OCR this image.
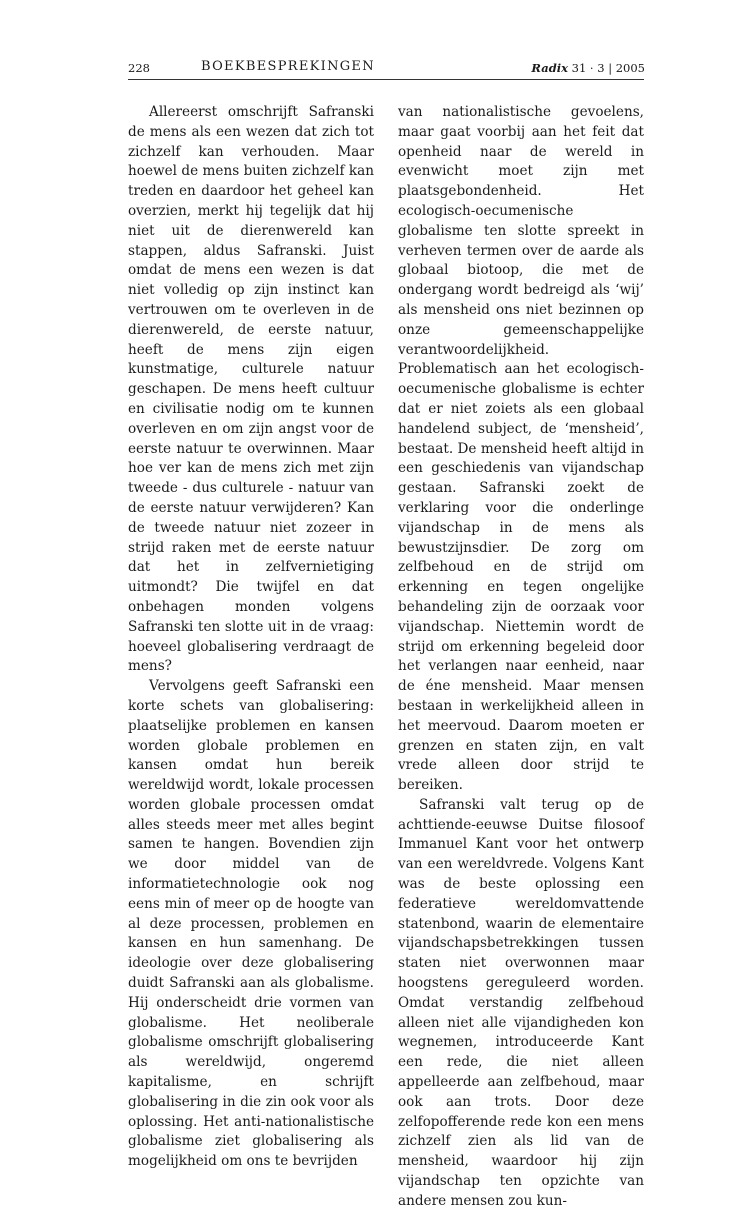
228	BOEKBESPREKINGEN	Radix 31 · 3 | 2005

Allereerst omschrijft Safranski de mens als een wezen dat zich tot zichzelf kan verhouden. Maar hoewel de mens buiten zichzelf kan treden en daardoor het geheel kan overzien, merkt hij tegelijk dat hij niet uit de dierenwereld kan stappen, aldus Safranski. Juist omdat de mens een wezen is dat niet volledig op zijn instinct kan vertrouwen om te overleven in de dierenwereld, de eerste natuur, heeft de mens zijn eigen kunstmatige, culturele natuur geschapen. De mens heeft cultuur en civilisatie nodig om te kunnen overleven en om zijn angst voor de eerste natuur te overwinnen. Maar hoe ver kan de mens zich met zijn tweede - dus culturele - natuur van de eerste natuur verwijderen? Kan de tweede natuur niet zozeer in strijd raken met de eerste natuur dat het in zelfvernietiging uitmondt? Die twijfel en dat onbehagen monden volgens Safranski ten slotte uit in de vraag: hoeveel globalisering verdraagt de mens?

Vervolgens geeft Safranski een korte schets van globalisering: plaatselijke problemen en kansen worden globale problemen en kansen omdat hun bereik wereldwijd wordt, lokale processen worden globale processen omdat alles steeds meer met alles begint samen te hangen. Bovendien zijn we door middel van de informatietechnologie ook nog eens min of meer op de hoogte van al deze processen, problemen en kansen en hun samenhang. De ideologie over deze globalisering duidt Safranski aan als globalisme. Hij onderscheidt drie vormen van globalisme. Het neoliberale globalisme omschrijft globalisering als wereldwijd, ongeremd kapitalisme, en schrijft globalisering in die zin ook voor als oplossing. Het anti-nationalistische globalisme ziet globalisering als mogelijkheid om ons te bevrijden

van nationalistische gevoelens, maar gaat voorbij aan het feit dat openheid naar de wereld in evenwicht moet zijn met plaatsgebondenheid. Het ecologisch-oecumenische globalisme ten slotte spreekt in verheven termen over de aarde als globaal biotoop, die met de ondergang wordt bedreigd als ‘wij’ als mensheid ons niet bezinnen op onze gemeenschappelijke verantwoordelijkheid. Problematisch aan het ecologisch-oecumenische globalisme is echter dat er niet zoiets als een globaal handelend subject, de ‘mensheid’, bestaat. De mensheid heeft altijd in een geschiedenis van vijandschap gestaan. Safranski zoekt de verklaring voor die onderlinge vijandschap in de mens als bewustzijnsdier. De zorg om zelfbehoud en de strijd om erkenning en tegen ongelijke behandeling zijn de oorzaak voor vijandschap. Niettemin wordt de strijd om erkenning begeleid door het verlangen naar eenheid, naar de éne mensheid. Maar mensen bestaan in werkelijkheid alleen in het meervoud. Daarom moeten er grenzen en staten zijn, en valt vrede alleen door strijd te bereiken.

Safranski valt terug op de achttiende-eeuwse Duitse filosoof Immanuel Kant voor het ontwerp van een wereldvrede. Volgens Kant was de beste oplossing een federatieve wereldomvattende statenbond, waarin de elementaire vijandschapsbetrekkingen tussen staten niet overwonnen maar hoogstens gereguleerd worden. Omdat verstandig zelfbehoud alleen niet alle vijandigheden kon wegnemen, introduceerde Kant een rede, die niet alleen appelleerde aan zelfbehoud, maar ook aan trots. Door deze zelfopofferende rede kon een mens zichzelf zien als lid van de mensheid, waardoor hij zijn vijandschap ten opzichte van andere mensen zou kun-
